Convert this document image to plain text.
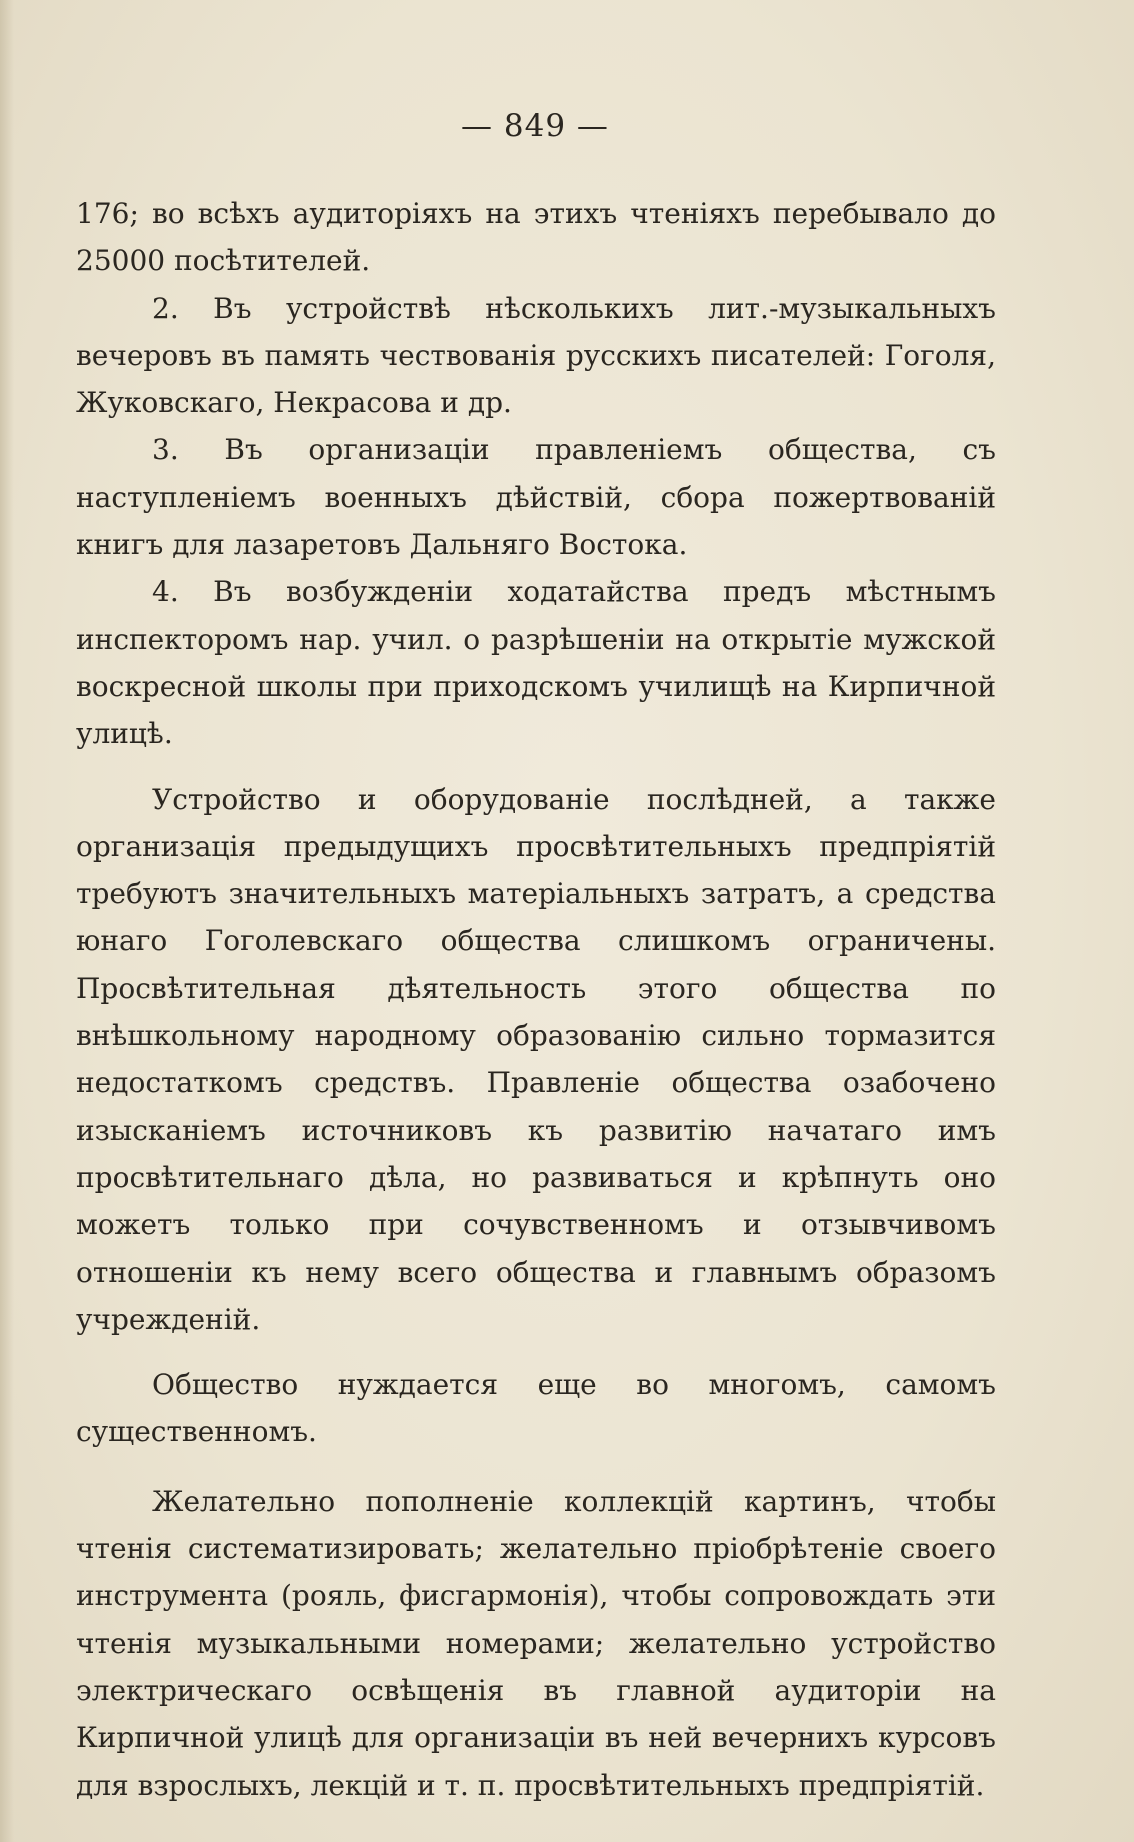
— 849 —

176; во всѣхъ аудиторіяхъ на этихъ чтеніяхъ перебывало до 25000 посѣтителей.

2. Въ устройствѣ нѣсколькихъ лит.-музыкальныхъ вечеровъ въ память чествованія русскихъ писателей: Гоголя, Жуковскаго, Некрасова и др.

3. Въ организаціи правленіемъ общества, съ наступленіемъ военныхъ дѣйствій, сбора пожертвованій книгъ для лазаретовъ Дальняго Востока.

4. Въ возбужденіи ходатайства предъ мѣстнымъ инспекторомъ нар. учил. о разрѣшеніи на открытіе мужской воскресной школы при приходскомъ училищѣ на Кирпичной улицѣ.

Устройство и оборудованіе послѣдней, а также организація предыдущихъ просвѣтительныхъ предпріятій требуютъ значительныхъ матеріальныхъ затратъ, а средства юнаго Гоголевскаго общества слишкомъ ограничены. Просвѣтительная дѣятельность этого общества по внѣшкольному народному образованію сильно тормазится недостаткомъ средствъ. Правленіе общества озабочено изысканіемъ источниковъ къ развитію начатаго имъ просвѣтительнаго дѣла, но развиваться и крѣпнуть оно можетъ только при сочувственномъ и отзывчивомъ отношеніи къ нему всего общества и главнымъ образомъ учрежденій.

Общество нуждается еще во многомъ, самомъ существенномъ.

Желательно пополненіе коллекцій картинъ, чтобы чтенія систематизировать; желательно пріобрѣтеніе своего инструмента (рояль, фисгармонія), чтобы сопровождать эти чтенія музыкальными номерами; желательно устройство электрическаго освѣщенія въ главной аудиторіи на Кирпичной улицѣ для организаціи въ ней вечернихъ курсовъ для взрослыхъ, лекцій и т. п. просвѣтительныхъ предпріятій.
